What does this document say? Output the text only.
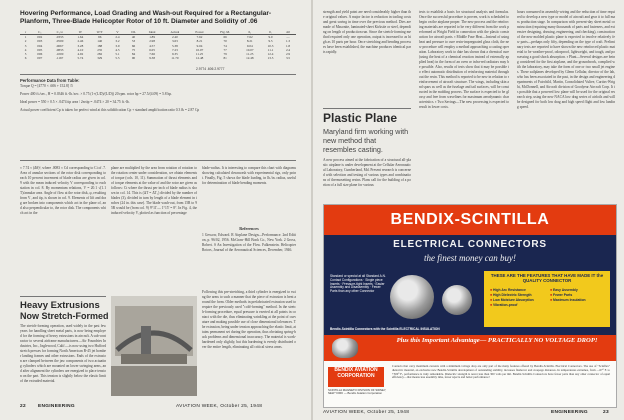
Hovering Performance, Load Grading and Wash-out Required for a Rectangular-Planform, Three-Blade Helicopter Rotor of 10 ft. Diameter and Solidity of .06
r	C₀	C₀/σ	W	W/T	V	DL	Ideal	Actual	Power	Fig. M.	θ₀	θ₁	Δθ
1	002	.0333	1.64	96	2.4	40	1.89	2.40	7.62	66	7.62	9.0	—
2	003	.0500	2.46	140	3.2	53	2.98	3.63	8.21	70	8.21	9.5	1.3
3	004	.0667	3.28	188	3.9	66	4.57	5.38	9.04	74	9.04	10.3	1.8
4	005	.0833	4.10	235	4.5	75	6.05	7.23	10.07	77	10.07	11.1	2.4
5	006	.1000	4.92	282	5.1	84	7.66	9.35	11.25	79	11.25	12.4	2.9
6	007	.1167	5.74	329	5.5	90	9.38	11.70	12.48	81	12.48	13.5	3.5
2.9774 .606 2.9777
Performance Data from Table:
Torque Q = [4770 × .606 + 152.8] /5
Power 400 ft./sec., H = 0.0346 ft.-lb./sec. × 0.75 (1+(L/D)/(L/D)) 20 rpm. rotor hp = 27.5/(4.09) = 5.8 hp.
Ideal power = 550 × 0.5 × .0474 tip area / 2πrtip = .0474 × 20 = 34.75 ft.-lb.
Actual power coefficient Cp is taken for perfect wind at this solidification Cp + standard amplification ratio 0.3 & = 2.87 Cp
≈ 7.74 ≈ (Δθ)², where .0083 ≈ Cd corresponding to Ci of .7. Area of annular sections of the rotor disk corresponding to each 10 percent increment of blade radius are given in col. 9 with the mean induced velocity V corresponding to each station in col. 8. By momentum relations, V = 20.1 √(1.1T)/annular area. Angle of flow at the rotor disk, φ, resulting from V₁ and tip, is shown in col. 9. Elements of lift and drag are broken into components which act in the plane of, and also perpendicular to, the rotor disk. The components which act in the
plane are multiplied by the area from rotation of rotation to the rotation center under consideration, we obtain elements of torque (cols. 10, 11). Summation of thrust elements and of torque elements at the value of and the rotor are given as follows: Ct where the thrust per inch of blade radius is shown in col. 14. This is (ΔT = ΔT₀) divided by the number of blades (3), divided in turn by length of a blade element in inches (24 in. this case). The blade wash-out, from 15R to 95R would be (from col. 9) 9°11'— 1°15' = 8°. In Fig. 4, the induced velocity V, plotted as function of percentage
blade-radius. It is interesting to compare this chart with diagrams showing calculated downwash with experimental rigs, only point. Finally, Fig. 5 shows the blade loading, in lb./in. radius, useful for determination of blade bending moments.
References
1 Gessow, Edward. R Airplane Design—Performance. 2nd Edition, p. 96/02, 1956. McGraw-Hill Book Co., New York. 2 Gross, Robert. S An Investigation of the Flow. Falkenstein. Helicopter Rotors, Journal of the Aeronautical Sciences, December, 1946.
Following this pre-stretching, a third cylinder is energized to swing the arms to such a manner that the piece of extrusion is bent around the form. Older methods in prefabricated extrusion used to require the previously used "cold-forming" method. In the stretch-forming procedure, equal pressure is exerted at all points in contact with the die, thus eliminating wrinkling at the point of curvature and making possible use of close dimensional tolerances. The extrusion, being under tension approaching the elastic limit, attains permanent set during the operation, thus obviating spring-back problems and dimensional inaccuracy. The material is work-hardened only slightly, but this hardening is evenly distributed over the entire length, eliminating all critical stress areas.
Heavy Extrusions
Now Stretch-Formed
The stretch-forming operation, used widely in the past few years for handling sheet metal parts, is now being employed for the forming of heavy extrusions in aircraft. A sub-contractor to several airframe manufacturers—Air Foundries Industries, Inc., Inglewood, Calif.—is now using two Hufford stretch presses for forming North American B-45 jet bomber landing frames and other extrusions. Ends of the extrusion are clamped between the jaw components of two actuating cylinders which are mounted on lower swinging arms, and after alignment the cylinders are energized to place tension on the part. This tension is slightly below the elastic limit of the extruded material.
22	ENGINEERING	AVIATION WEEK, October 25, 1948
strength and yield point are need considerably higher than the original values. A major factor is reduction in tooling costs and great saving in time over the previous method. Dies are made of Masonite, laminated-sheet Kirksite or steel, depending on length of production run. Since the stretch-forming method required only one operation, output is increased to as high as 10 parts per hour. Once stretching and bending processes have been established, the machine produces identical parts rapidly.
Plastic Plane
Maryland firm working with new method that resembles casting.
A new process aimed at the fabrication of a structural all-plastic airplane is under development at the Cellular Aeronautical Laboratory, Cumberland, Md. Present research is concerned with selection and testing of various types and combinations of thermosetting resins. Plans call for the building of a portion of a full size plane for various
tests to establish a basis for structural analysis and formulas. Once the successful procedure is proven, work is scheduled to begin on the airplane proper. The new process and the reinforcing materials are reported to be very different from the work performed at Wright Field in connection with the plastic construction for aircraft parts. ▪ Middle Fuse Heat—Instead of using heat and pressure to cure resin-impregnated glass cloth, the new procedure will employ a method approaching a casting operation. Laboratory work to date has shown that a chemical cure (using the heat of a chemical reaction instead of externally applied heat) in the form of an oven or infra-red radiators may be possible. Also, results of tests show that it may be possible to effect automatic distribution of reinforcing material throughout the resin. This method is reported to be new in relation to reinforcement of aircraft structure. The wings, including skin and spars as well as the fuselage and tail surfaces, will be constructed in the molding process. The surface is expected to be glossy and free from wavelines for maximum aerodynamic characteristics. ▪ Two Savings—The new processing is expected to result in lower costs.
hours consumed in assembly-wiring and the reduction of time required to develop a new type or model of aircraft and gear it to full mass production stage. In comparison with present-day sheet metal construction (requiring many thousands of parts and fasteners, and extensive designing, drawing, engineering, and checking), construction of the new molded plastic plane is expected to involve relatively few parts—perhaps only fifty, depending on the type of craft. Preliminary tests are reported to have shown the new reinforced plastic material to be weather-proof, odorproof, lightweight, and tough, and possessing a good shock absorption. ▪ Plant—Several designs are being considered for the first airplane, and the groundwork, complied with the laboratory, may take the form of one or two small jet engines. These sailplanes developed by Glenn Cellular, director of the lab, who has been associated in the past, in the design and engineering departments of Fairchild, Martin, Consolidated Vultee, Curtiss-Wright, McDonnell, and Aircraft division of Goodyear Aircraft Corp. It is possible that a powered low plane will be used for the original research step, using the new NACA low drag series of airfoils and will be designed for both low drag and high speed flight and low landing speed.
BENDIX-SCINTILLA
ELECTRICAL CONNECTORS
the finest money can buy!
Standard or special at all Standard A.N. Contact Configurations · Single piece Inserts · Pressure-tight Inserts · Easier Assembly and Disassembly · Fewer Parts than any other Connector
THESE ARE THE FEATURES THAT HAVE MADE IT the QUALITY CONNECTOR
■ High Arc Resistance
■ High Dielectric Strength
■ Low Moisture Absorption
■ Vibration-proof
■ Easy Assembly
■ Fewer Parts
■ Maximum Insulation
Bendix-Scintilla Connectors with the Scintilla ELECTRICAL INSULATION
Plus this Important Advantage— PRACTICALLY NO VOLTAGE DROP!
BENDIX AVIATION CORPORATION
SCINTILLA MAGNETO DIVISION OF SIDNEY, NEW YORK — Bendix Aviation Corporation
Contacts that carry maximum currents with a minimum voltage drop are only part of the many features offered by Bendix-Scintilla. Electrical Connectors. The use of "Scinflex" dielectric material, an exclusive new Bendix-Scintilla development of outstanding stability, increases flashover and creepage distances. In temperatures extremes, from —67° F. to +300° F., performance is truly remarkable. Dielectric strength is never less than 300 volts per mil. Bendix-Scintilla Connectors have fewer parts than any other connector of equal efficiency—that means less assembly time, fewer rejects and better performance!
AVIATION WEEK, October 25, 1948	ENGINEERING	23
